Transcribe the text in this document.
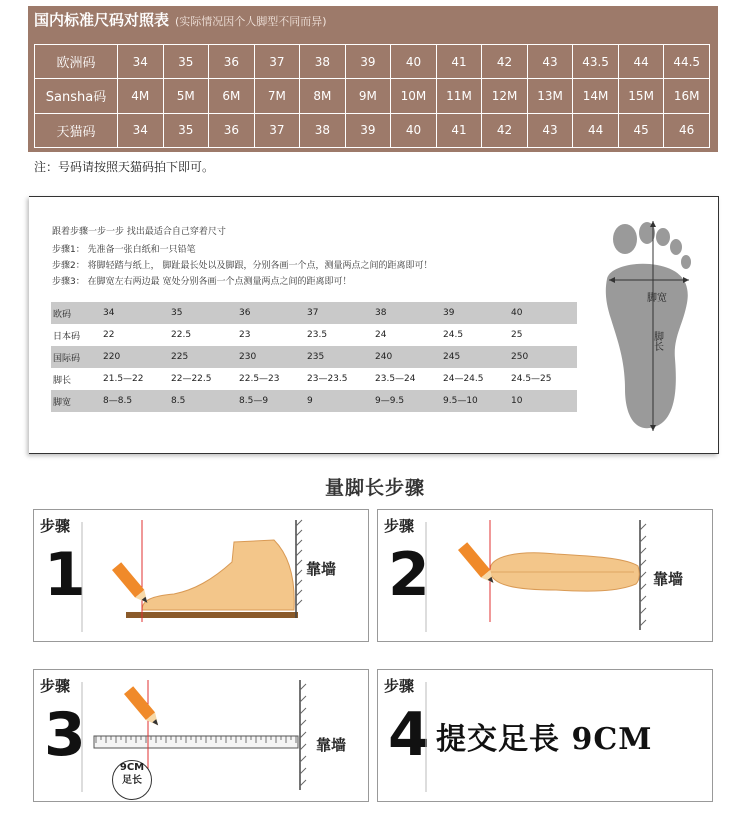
国内标准尺码对照表 (实际情况因个人脚型不同而异)
欧洲码	34	35	36	37	38	39	40	41	42	43	43.5	44	44.5
Sansha码	4M	5M	6M	7M	8M	9M	10M	11M	12M	13M	14M	15M	16M
天猫码	34	35	36	37	38	39	40	41	42	43	44	45	46
注：号码请按照天猫码拍下即可。
跟着步骤一步一步 找出最适合自己穿着尺寸
步骤1： 先准备一张白纸和一只铅笔
步骤2： 将脚轻踏与纸上， 脚趾最长处以及脚跟，分别各画一个点，测量两点之间的距离即可！
步骤3： 在脚宽左右两边最 宽处分别各画一个点测量两点之间的距离即可！
欧码	34	35	36	37	38	39	40
日本码	22	22.5	23	23.5	24	24.5	25
国际码	220	225	230	235	240	245	250
脚长	21.5—22	22—22.5	22.5—23	23—23.5	23.5—24	24—24.5	24.5—25
脚宽	8—8.5	8.5	8.5—9	9	9—9.5	9.5—10	10
脚宽
脚长
量脚长步骤
步骤
1	靠墙
步骤
2	靠墙
步骤
3	9CM
足长
靠墙
步骤
4 提交足長 9CM
